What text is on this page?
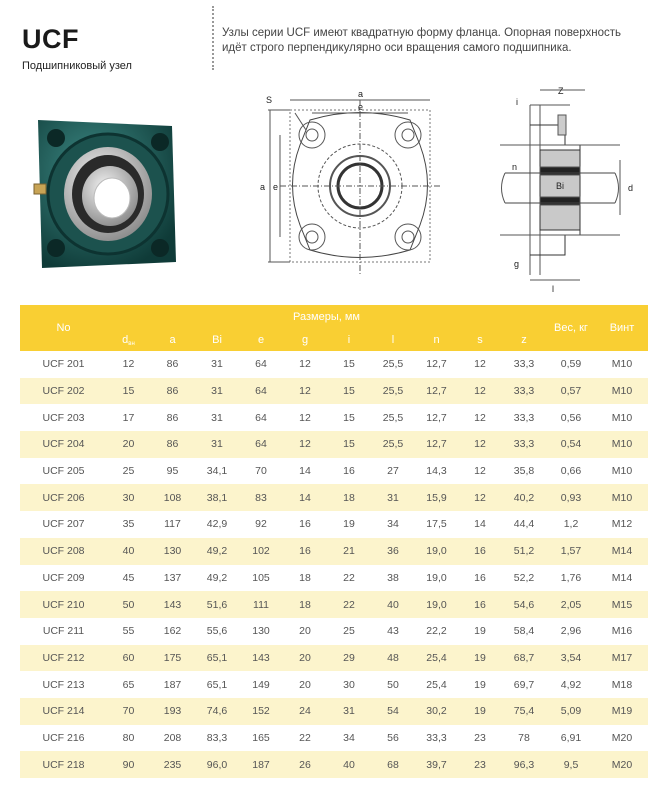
UCF
Подшипниковый узел
Узлы серии UCF имеют квадратную форму фланца. Опорная поверхность идёт строго перпендикулярно оси вращения самого подшипника.
S
a
e
a e
i
Z
n
Bi	d
g
l
No	Размеры, мм										Вес, кг	Винт
	$d_{вн}$	a	Bi	e	g	i	l	n	s	z		
UCF 201	12	86	31	64	12	15	25,5	12,7	12	33,3	0,59	M10
UCF 202	15	86	31	64	12	15	25,5	12,7	12	33,3	0,57	M10
UCF 203	17	86	31	64	12	15	25,5	12,7	12	33,3	0,56	M10
UCF 204	20	86	31	64	12	15	25,5	12,7	12	33,3	0,54	M10
UCF 205	25	95	34,1	70	14	16	27	14,3	12	35,8	0,66	M10
UCF 206	30	108	38,1	83	14	18	31	15,9	12	40,2	0,93	M10
UCF 207	35	117	42,9	92	16	19	34	17,5	14	44,4	1,2	M12
UCF 208	40	130	49,2	102	16	21	36	19,0	16	51,2	1,57	M14
UCF 209	45	137	49,2	105	18	22	38	19,0	16	52,2	1,76	M14
UCF 210	50	143	51,6	111	18	22	40	19,0	16	54,6	2,05	M15
UCF 211	55	162	55,6	130	20	25	43	22,2	19	58,4	2,96	M16
UCF 212	60	175	65,1	143	20	29	48	25,4	19	68,7	3,54	M17
UCF 213	65	187	65,1	149	20	30	50	25,4	19	69,7	4,92	M18
UCF 214	70	193	74,6	152	24	31	54	30,2	19	75,4	5,09	M19
UCF 216	80	208	83,3	165	22	34	56	33,3	23	78	6,91	M20
UCF 218	90	235	96,0	187	26	40	68	39,7	23	96,3	9,5	M20
